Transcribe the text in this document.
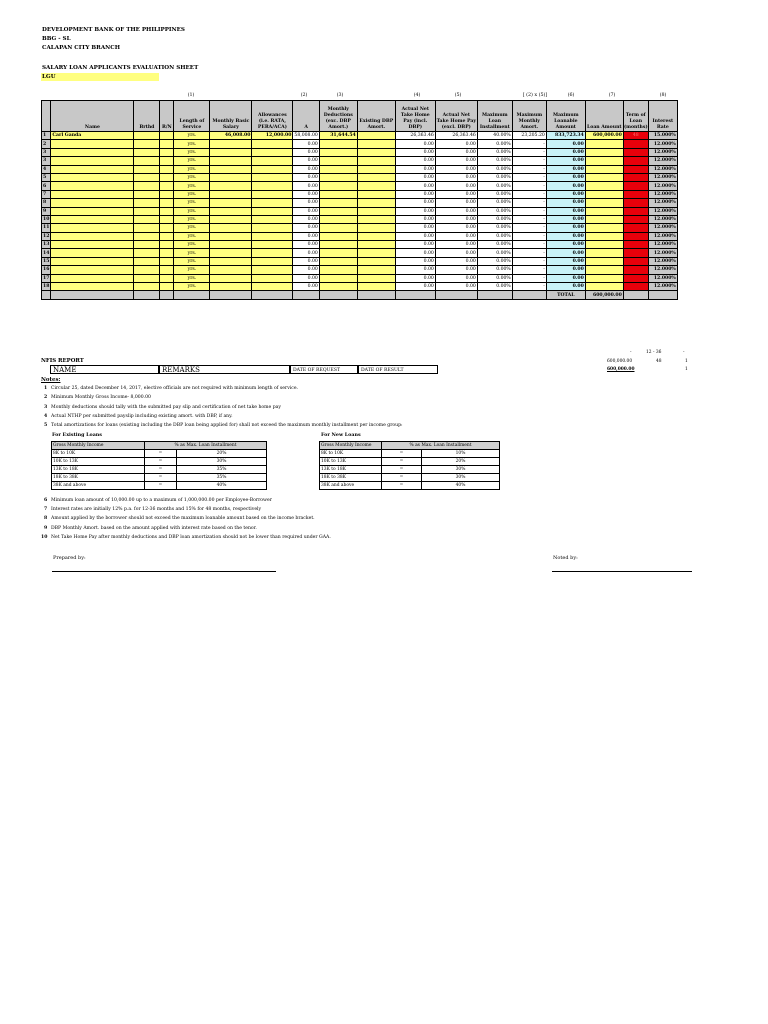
DEVELOPMENT BANK OF THE PHILIPPINES
BBG - SL
CALAPAN CITY BRANCH
SALARY LOAN APPLICANTS EVALUATION SHEET
LGU
(1)	(2)	(3)	(4)	(5)	[ (2) x (5)]	(6)	(7)	(8)
	Name	Brthd	R/N	Length of Service	Monthly Basic Salary	Allowances (i.e. RATA, PERA/ACA)	A	Monthly Deductions (exc. DBP Amort.)	Existing DBP Amort.	Actual Net Take Home Pay (incl. DBP)	Actual Net Take Home Pay (excl. DBP)	Maximum Loan Installment	Maximum Monthly Amort.	Maximum Loanable Amount	Loan Amount	Term of Loan (months)	Interest Rate
1	Carl Ganda			yrs.	46,008.00	12,000.00	58,008.00	31,644.54		26,363.46	26,363.46	40.00%	23,205.20	833,723.34	600,000.00	48	15.000%
2				yrs.			0.00			0.00	0.00	0.00%	-	0.00			12.000%
3				yrs.			0.00			0.00	0.00	0.00%	-	0.00			12.000%
3				yrs.			0.00			0.00	0.00	0.00%	-	0.00			12.000%
4				yrs.			0.00			0.00	0.00	0.00%	-	0.00			12.000%
5				yrs.			0.00			0.00	0.00	0.00%	-	0.00			12.000%
6				yrs.			0.00			0.00	0.00	0.00%	-	0.00			12.000%
7				yrs.			0.00			0.00	0.00	0.00%	-	0.00			12.000%
8				yrs.			0.00			0.00	0.00	0.00%	-	0.00			12.000%
9				yrs.			0.00			0.00	0.00	0.00%	-	0.00			12.000%
10				yrs.			0.00			0.00	0.00	0.00%	-	0.00			12.000%
11				yrs.			0.00			0.00	0.00	0.00%	-	0.00			12.000%
12				yrs.			0.00			0.00	0.00	0.00%	-	0.00			12.000%
13				yrs.			0.00			0.00	0.00	0.00%	-	0.00			12.000%
14				yrs.			0.00			0.00	0.00	0.00%	-	0.00			12.000%
15				yrs.			0.00			0.00	0.00	0.00%	-	0.00			12.000%
16				yrs.			0.00			0.00	0.00	0.00%	-	0.00			12.000%
17				yrs.			0.00			0.00	0.00	0.00%	-	0.00			12.000%
18				yrs.			0.00			0.00	0.00	0.00%	-	0.00			12.000%
														TOTAL	600,000.00		
12 - 36
-	-
600,000.00	48	1
600,000.00	1
NFIS REPORT
NAME	REMARKS	DATE OF REQUEST	DATE OF RESULT
Notes:
1 Circular 25, dated December 14, 2017, elective officials are not required with minimum length of service.
2 Minimum Monthly Gross Income- 8,000.00
3 Monthly deductions should tally with the submitted pay slip and certification of net take home pay
4 Actual NTHP per submitted payslip including existing amort. with DBP, if any.
5 Total amortizations for loans (existing including the DBP loan being applied for) shall not exceed the maximum monthly installment per income group:
For Existing Loans
Gross Monthly Income	% as Max. Loan Installment	
8K to 10K	=	20%
10K to 13K	=	30%
13K to 18K	=	35%
18K to 38K	=	35%
38K and above	=	40%
For New Loans
Gross Monthly Income	% as Max. Loan Installment	
8K to 10K	=	10%
10K to 13K	=	20%
13K to 18K	=	30%
18K to 38K	=	30%
38K and above	=	40%
6 Minimum loan amount of 10,000.00 up to a maximum of 1,000,000.00 per Employee-Borrower
7 Interest rates are initially 12% p.a. for 12-36 months and 15% for 48 months, respectively
8 Amount applied by the borrower should not exceed the maximum loanable amount based on the income bracket.
9 DBP Monthly Amort. based on the amount applied with interest rate based on the tenor.
10 Net Take Home Pay after monthly deductions and DBP loan amortization should not be lower than required under GAA.
Prepared by:	Noted by:
